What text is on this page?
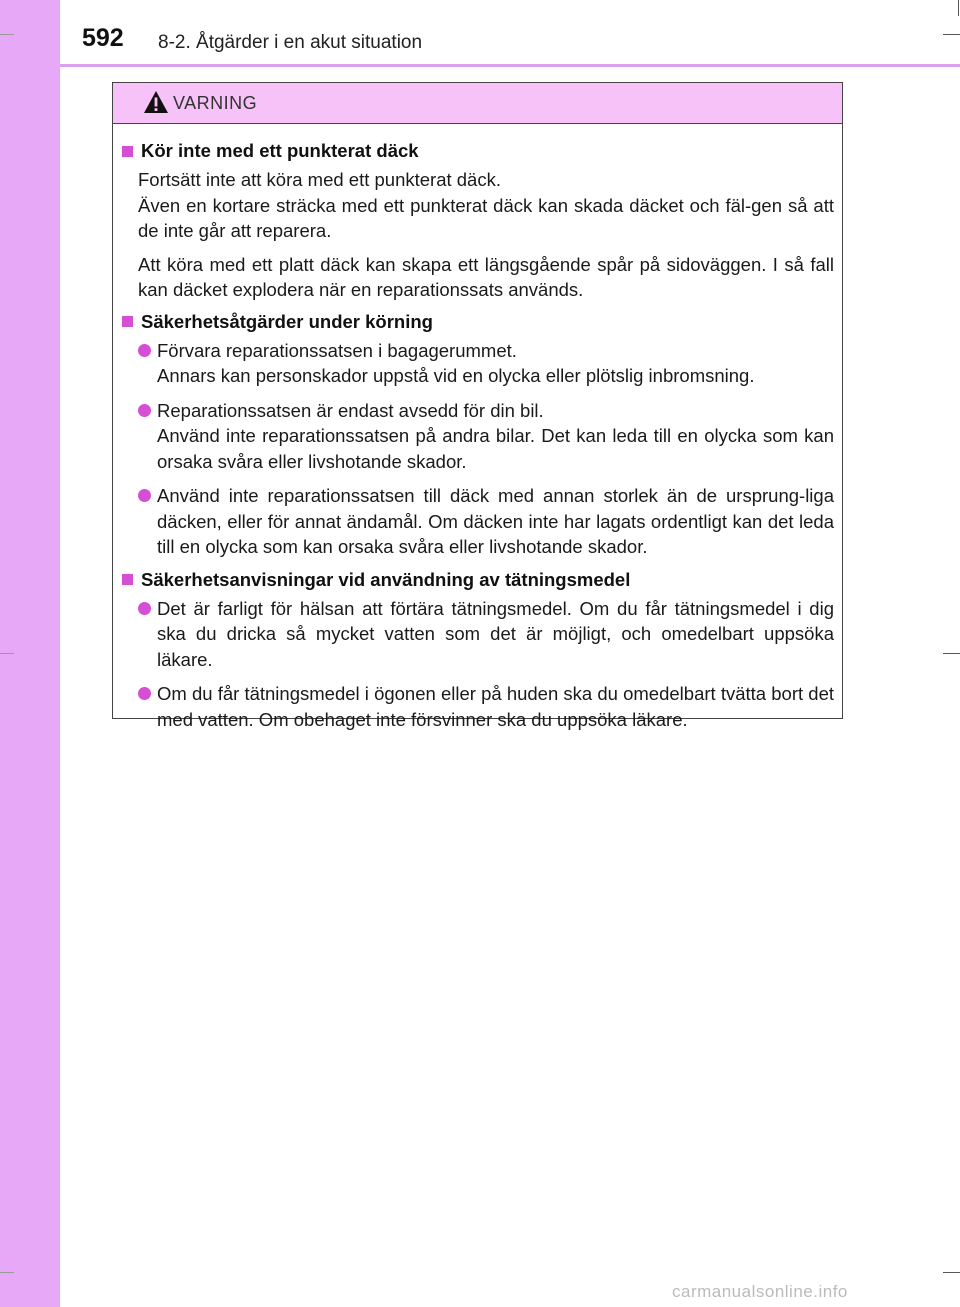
592 8-2. Åtgärder i en akut situation
VARNING
Kör inte med ett punkterat däck
Fortsätt inte att köra med ett punkterat däck.
Även en kortare sträcka med ett punkterat däck kan skada däcket och fäl-gen så att de inte går att reparera.
Att köra med ett platt däck kan skapa ett längsgående spår på sidoväggen. I så fall kan däcket explodera när en reparationssats används.
Säkerhetsåtgärder under körning
Förvara reparationssatsen i bagagerummet.
Annars kan personskador uppstå vid en olycka eller plötslig inbromsning.
Reparationssatsen är endast avsedd för din bil.
Använd inte reparationssatsen på andra bilar. Det kan leda till en olycka som kan orsaka svåra eller livshotande skador.
Använd inte reparationssatsen till däck med annan storlek än de ursprung-liga däcken, eller för annat ändamål. Om däcken inte har lagats ordentligt kan det leda till en olycka som kan orsaka svåra eller livshotande skador.
Säkerhetsanvisningar vid användning av tätningsmedel
Det är farligt för hälsan att förtära tätningsmedel. Om du får tätningsmedel i dig ska du dricka så mycket vatten som det är möjligt, och omedelbart uppsöka läkare.
Om du får tätningsmedel i ögonen eller på huden ska du omedelbart tvätta bort det med vatten. Om obehaget inte försvinner ska du uppsöka läkare.
carmanualsonline.info
